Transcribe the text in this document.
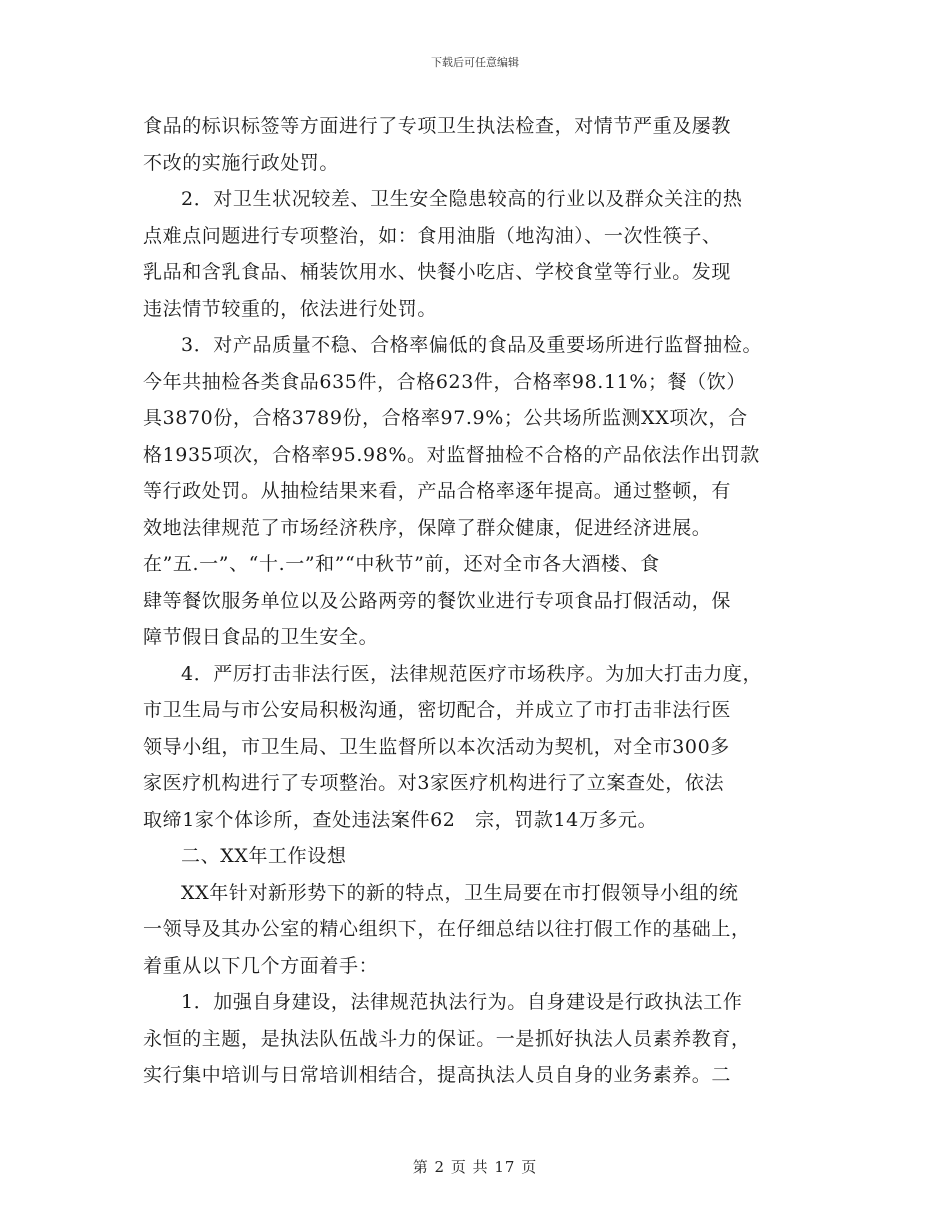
下载后可任意编辑
食品的标识标签等方面进行了专项卫生执法检查，对情节严重及屡教
不改的实施行政处罚。
2．对卫生状况较差、卫生安全隐患较高的行业以及群众关注的热
点难点问题进行专项整治，如：食用油脂（地沟油）、一次性筷子、
乳品和含乳食品、桶装饮用水、快餐小吃店、学校食堂等行业。发现
违法情节较重的，依法进行处罚。
3．对产品质量不稳、合格率偏低的食品及重要场所进行监督抽检。
今年共抽检各类食品635件，合格623件，合格率98.11%；餐（饮）
具3870份，合格3789份，合格率97.9%；公共场所监测XX项次，合
格1935项次，合格率95.98%。对监督抽检不合格的产品依法作出罚款
等行政处罚。从抽检结果来看，产品合格率逐年提高。通过整顿，有
效地法律规范了市场经济秩序，保障了群众健康，促进经济进展。
在”五.一”、“十.一”和”“中秋节”前，还对全市各大酒楼、食
肆等餐饮服务单位以及公路两旁的餐饮业进行专项食品打假活动，保
障节假日食品的卫生安全。
4．严厉打击非法行医，法律规范医疗市场秩序。为加大打击力度，
市卫生局与市公安局积极沟通，密切配合，并成立了市打击非法行医
领导小组，市卫生局、卫生监督所以本次活动为契机，对全市300多
家医疗机构进行了专项整治。对3家医疗机构进行了立案查处，依法
取缔1家个体诊所，查处违法案件62　宗，罚款14万多元。
二、XX年工作设想
XX年针对新形势下的新的特点，卫生局要在市打假领导小组的统
一领导及其办公室的精心组织下，在仔细总结以往打假工作的基础上，
着重从以下几个方面着手：
1．加强自身建设，法律规范执法行为。自身建设是行政执法工作
永恒的主题，是执法队伍战斗力的保证。一是抓好执法人员素养教育，
实行集中培训与日常培训相结合，提高执法人员自身的业务素养。二
第 2 页 共 17 页
